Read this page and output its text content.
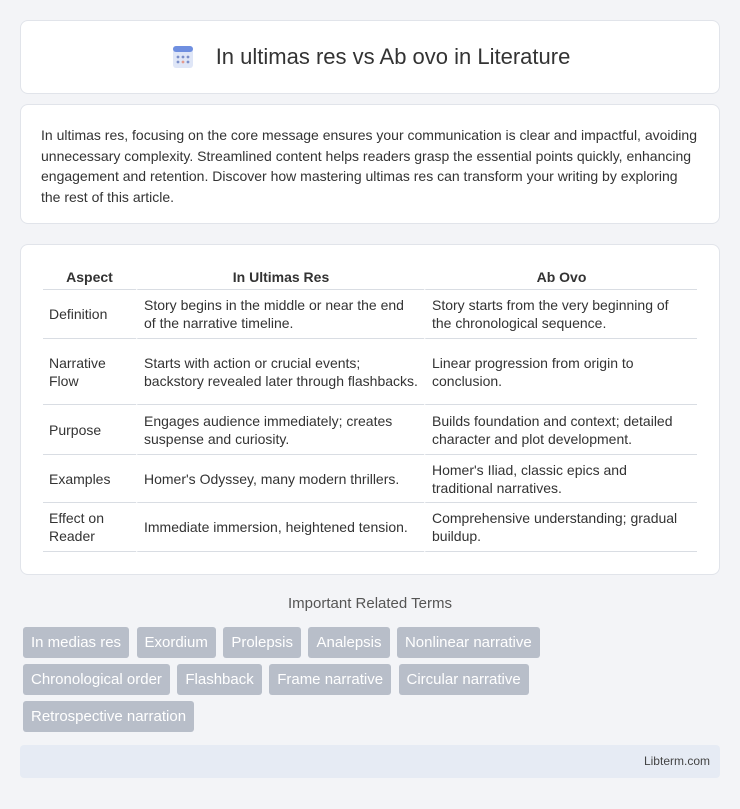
In ultimas res vs Ab ovo in Literature

In ultimas res, focusing on the core message ensures your communication is clear and impactful, avoiding unnecessary complexity. Streamlined content helps readers grasp the essential points quickly, enhancing engagement and retention. Discover how mastering ultimas res can transform your writing by exploring the rest of this article.

Aspect	In Ultimas Res	Ab Ovo
Definition	Story begins in the middle or near the end of the narrative timeline.	Story starts from the very beginning of the chronological sequence.
Narrative Flow	Starts with action or crucial events; backstory revealed later through flashbacks.	Linear progression from origin to conclusion.
Purpose	Engages audience immediately; creates suspense and curiosity.	Builds foundation and context; detailed character and plot development.
Examples	Homer's Odyssey, many modern thrillers.	Homer's Iliad, classic epics and traditional narratives.
Effect on Reader	Immediate immersion, heightened tension.	Comprehensive understanding; gradual buildup.
Important Related Terms
In medias res Exordium Prolepsis Analepsis Nonlinear narrative
Chronological order Flashback Frame narrative Circular narrative
Retrospective narration
Libterm.com
